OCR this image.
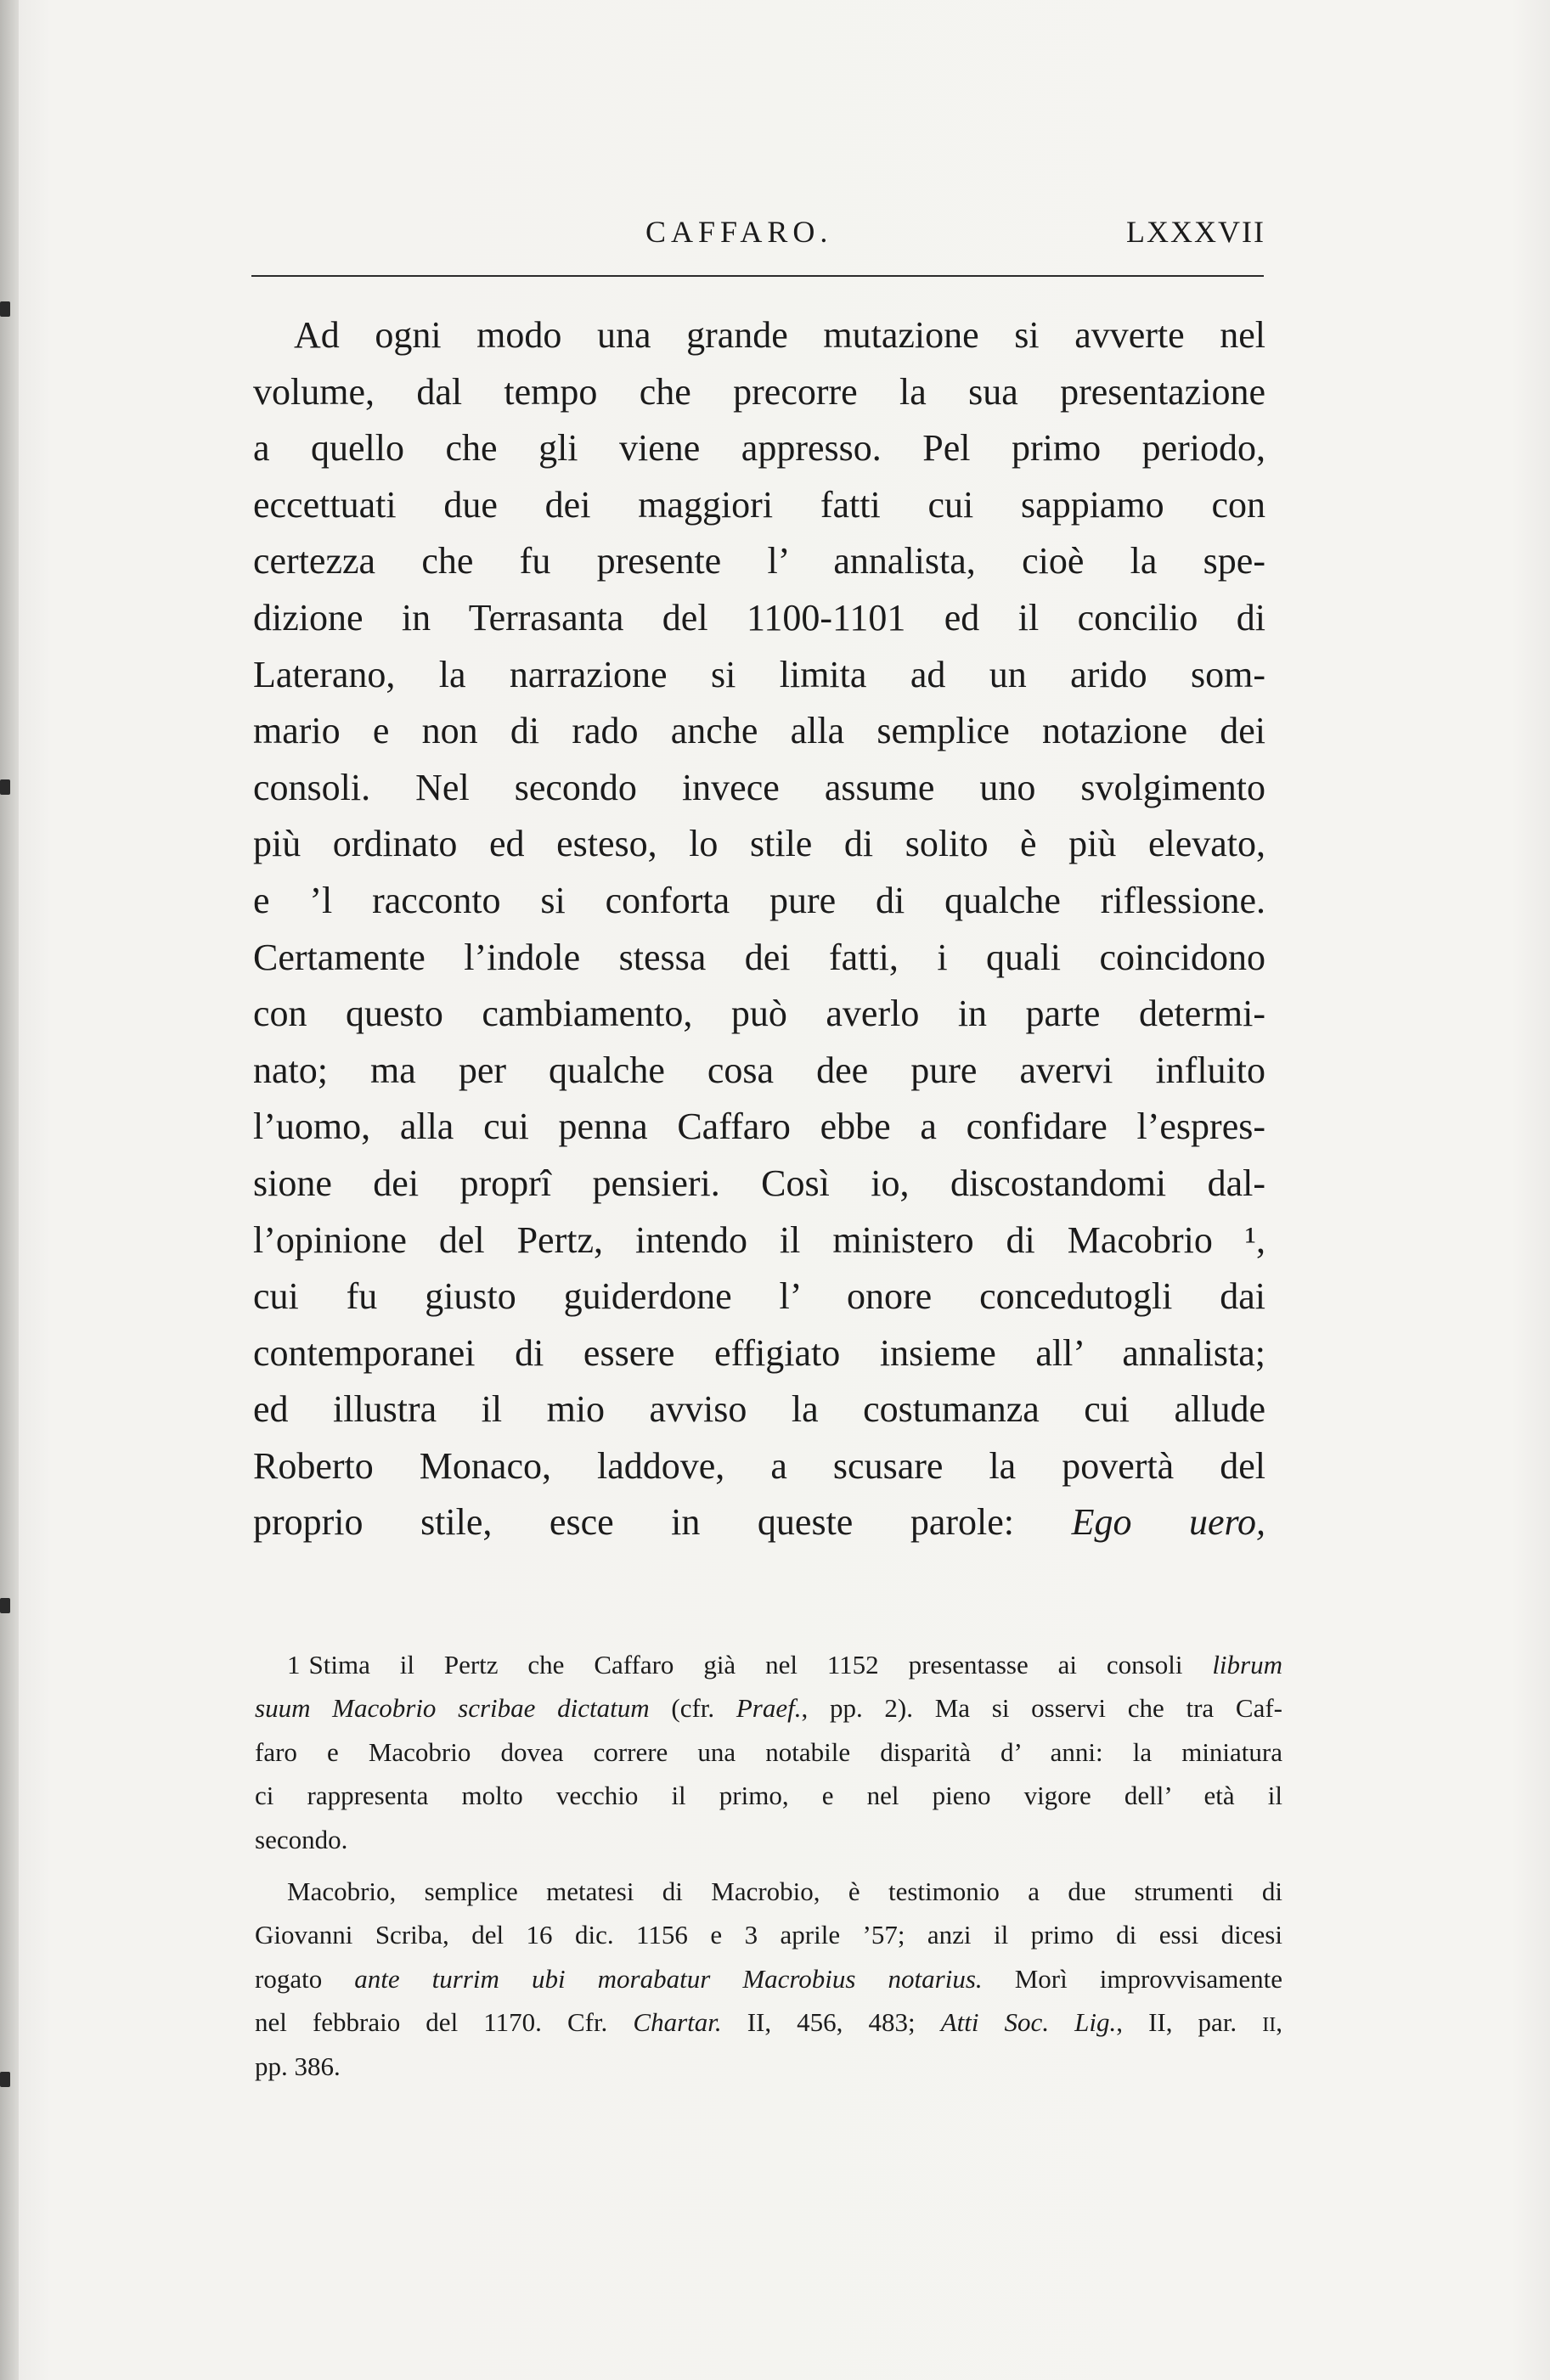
CAFFARO.	LXXXVII
Ad ogni modo una grande mutazione si avverte nel
volume, dal tempo che precorre la sua presentazione
a quello che gli viene appresso. Pel primo periodo,
eccettuati due dei maggiori fatti cui sappiamo con
certezza che fu presente l’ annalista, cioè la spe-
dizione in Terrasanta del 1100-1101 ed il concilio di
Laterano, la narrazione si limita ad un arido som-
mario e non di rado anche alla semplice notazione dei
consoli. Nel secondo invece assume uno svolgimento
più ordinato ed esteso, lo stile di solito è più elevato,
e ’l racconto si conforta pure di qualche riflessione.
Certamente l’indole stessa dei fatti, i quali coincidono
con questo cambiamento, può averlo in parte determi-
nato; ma per qualche cosa dee pure avervi influito
l’uomo, alla cui penna Caffaro ebbe a confidare l’espres-
sione dei proprî pensieri. Così io, discostandomi dal-
l’opinione del Pertz, intendo il ministero di Macobrio ¹,
cui fu giusto guiderdone l’ onore concedutogli dai
contemporanei di essere effigiato insieme all’ annalista;
ed illustra il mio avviso la costumanza cui allude
Roberto Monaco, laddove, a scusare la povertà del
proprio stile, esce in queste parole: Ego uero,
1 Stima il Pertz che Caffaro già nel 1152 presentasse ai consoli librum
suum Macobrio scribae dictatum (cfr. Praef., pp. 2). Ma si osservi che tra Caf-
faro e Macobrio dovea correre una notabile disparità d’ anni: la miniatura
ci rappresenta molto vecchio il primo, e nel pieno vigore dell’ età il
secondo.
Macobrio, semplice metatesi di Macrobio, è testimonio a due strumenti di
Giovanni Scriba, del 16 dic. 1156 e 3 aprile ’57; anzi il primo di essi dicesi
rogato ante turrim ubi morabatur Macrobius notarius. Morì improvvisamente
nel febbraio del 1170. Cfr. Chartar. II, 456, 483; Atti Soc. Lig., II, par. II,
pp. 386.
